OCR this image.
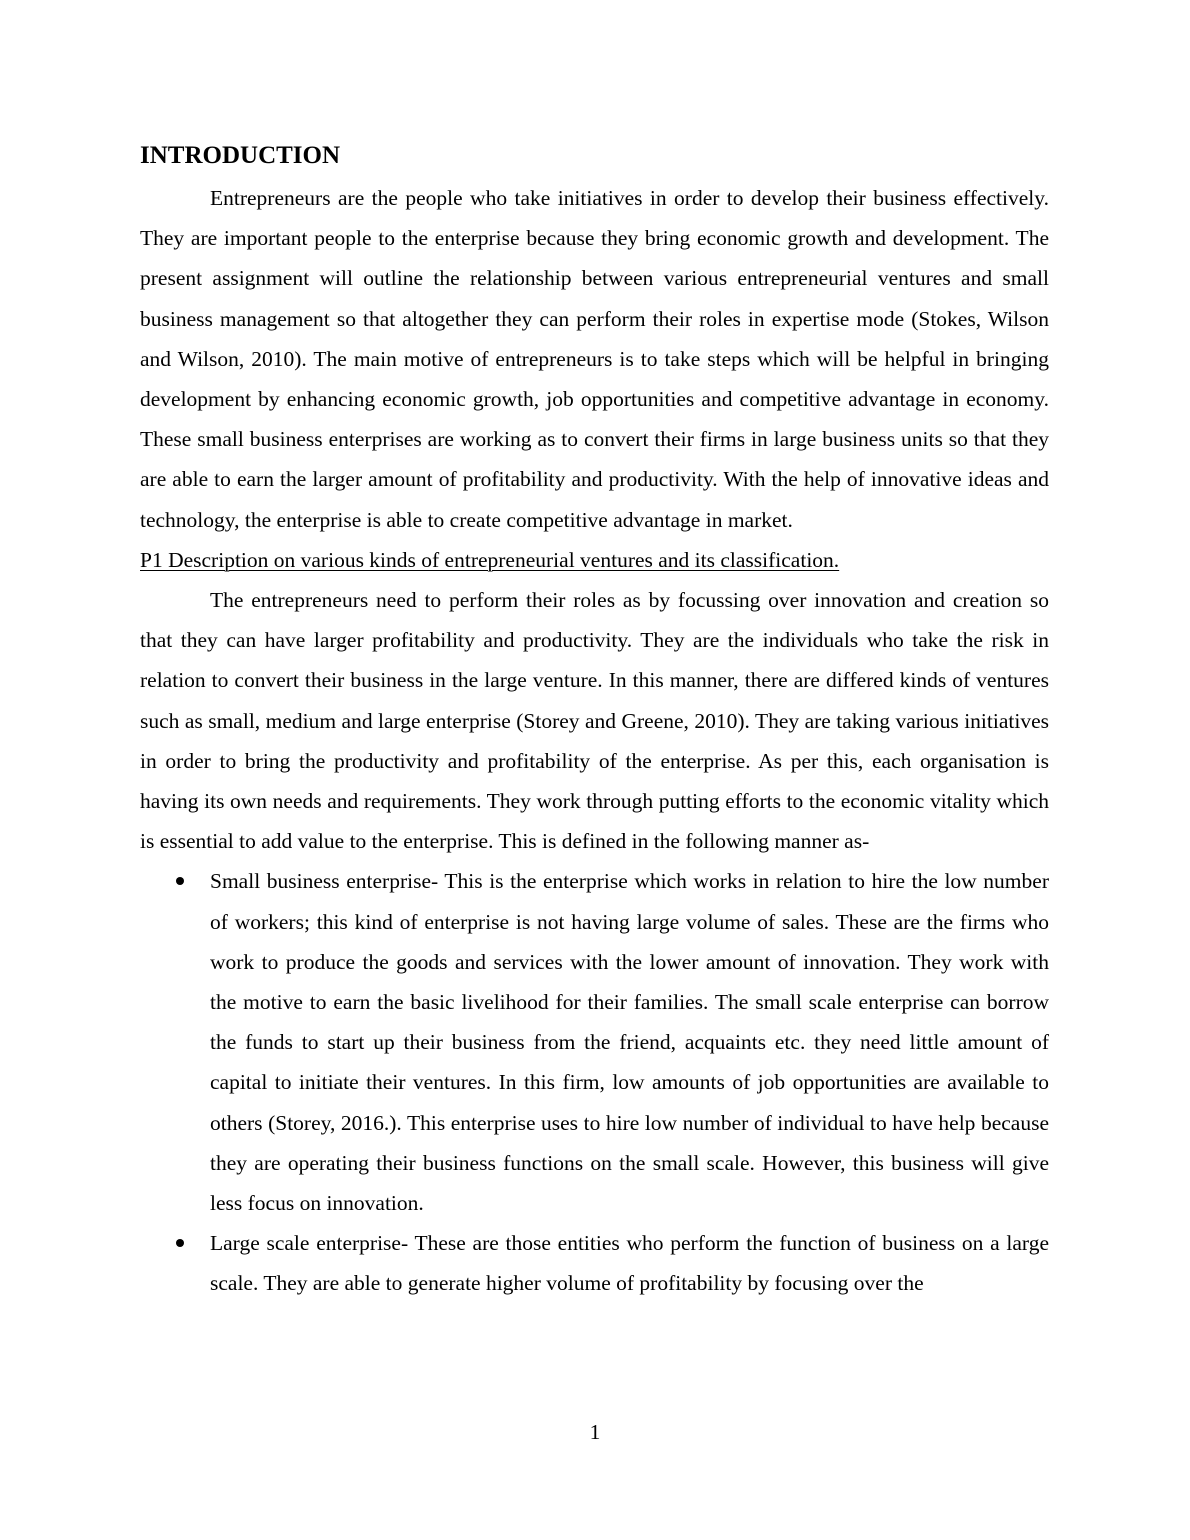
INTRODUCTION

Entrepreneurs are the people who take initiatives in order to develop their business effectively. They are important people to the enterprise because they bring economic growth and development. The present assignment will outline the relationship between various entrepreneurial ventures and small business management so that altogether they can perform their roles in expertise mode (Stokes, Wilson and Wilson, 2010). The main motive of entrepreneurs is to take steps which will be helpful in bringing development by enhancing economic growth, job opportunities and competitive advantage in economy. These small business enterprises are working as to convert their firms in large business units so that they are able to earn the larger amount of profitability and productivity. With the help of innovative ideas and technology, the enterprise is able to create competitive advantage in market.

P1 Description on various kinds of entrepreneurial ventures and its classification.

The entrepreneurs need to perform their roles as by focussing over innovation and creation so that they can have larger profitability and productivity. They are the individuals who take the risk in relation to convert their business in the large venture. In this manner, there are differed kinds of ventures such as small, medium and large enterprise (Storey and Greene, 2010). They are taking various initiatives in order to bring the productivity and profitability of the enterprise. As per this, each organisation is having its own needs and requirements. They work through putting efforts to the economic vitality which is essential to add value to the enterprise. This is defined in the following manner as-

Small business enterprise- This is the enterprise which works in relation to hire the low number of workers; this kind of enterprise is not having large volume of sales. These are the firms who work to produce the goods and services with the lower amount of innovation. They work with the motive to earn the basic livelihood for their families. The small scale enterprise can borrow the funds to start up their business from the friend, acquaints etc. they need little amount of capital to initiate their ventures. In this firm, low amounts of job opportunities are available to others (Storey, 2016.). This enterprise uses to hire low number of individual to have help because they are operating their business functions on the small scale. However, this business will give less focus on innovation.
Large scale enterprise- These are those entities who perform the function of business on a large scale. They are able to generate higher volume of profitability by focusing over the
1
